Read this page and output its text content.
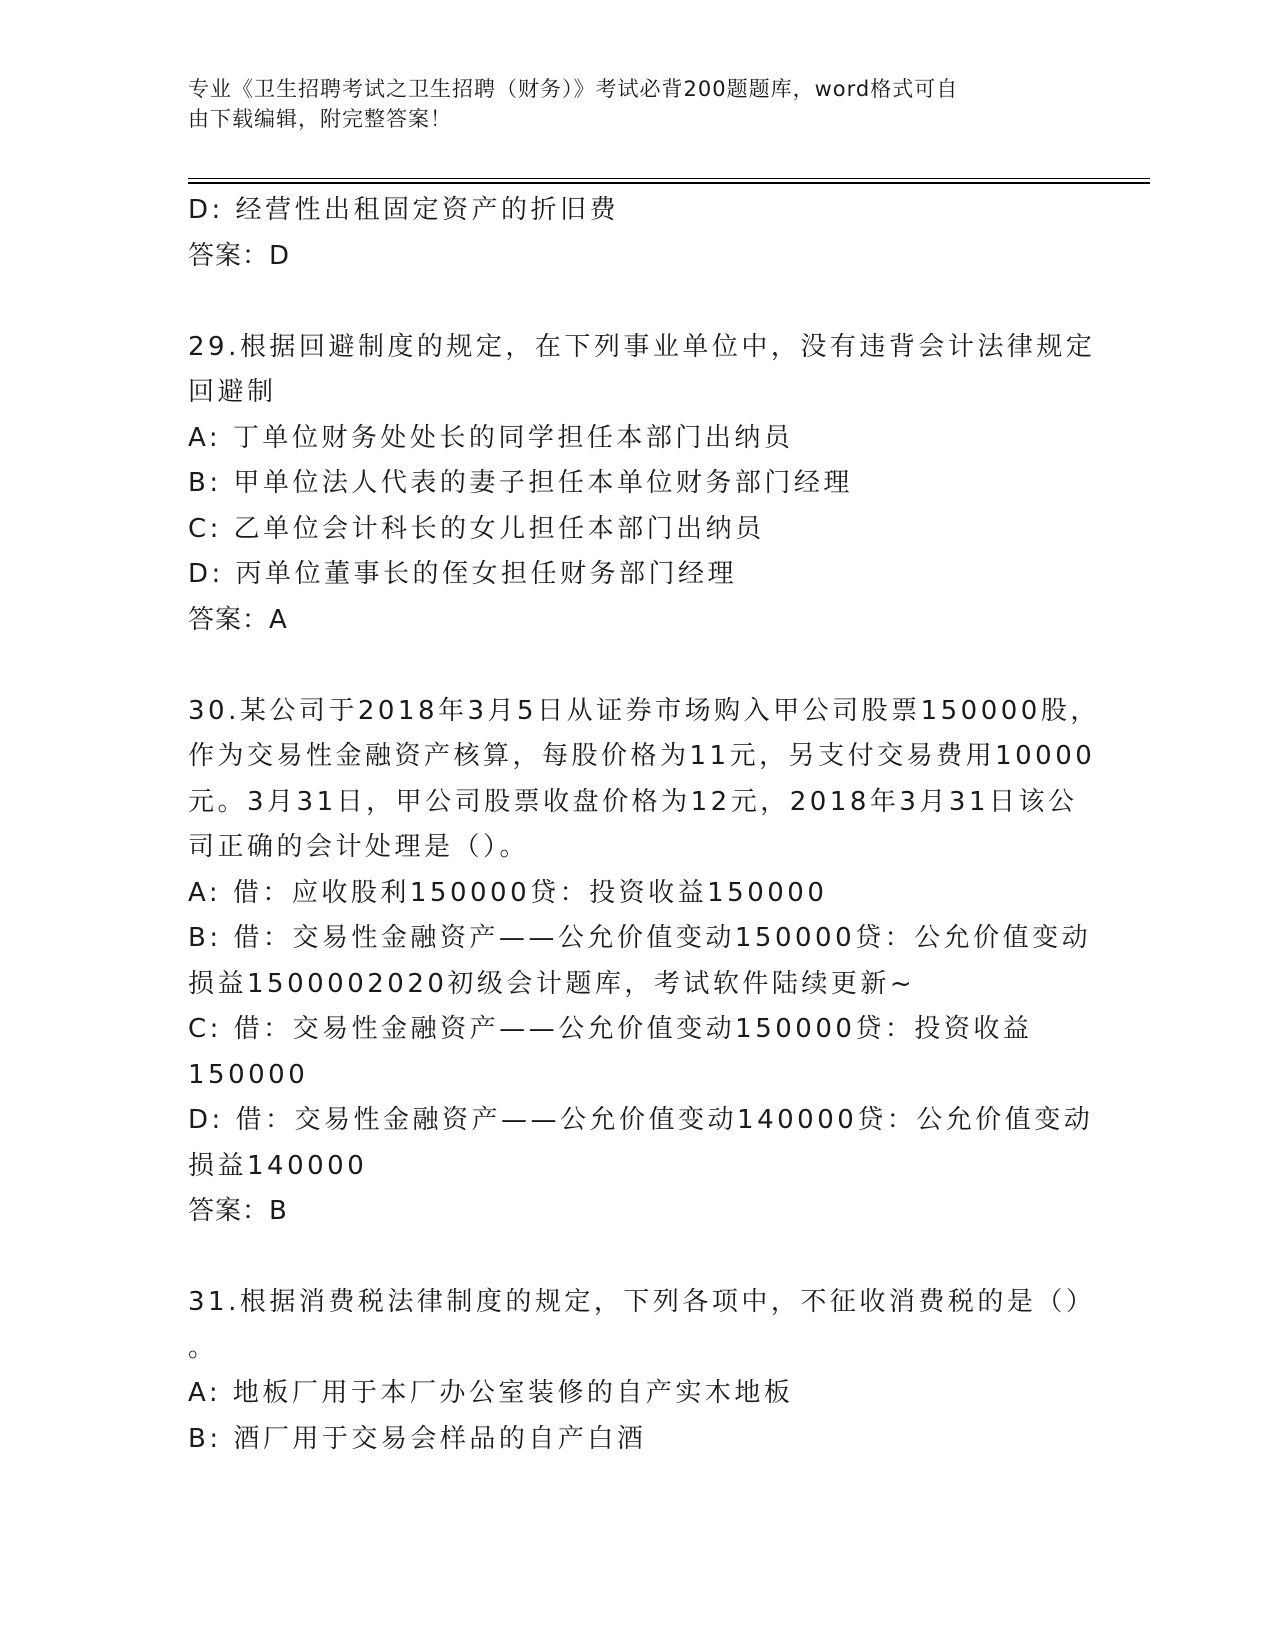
专业《卫生招聘考试之卫生招聘（财务）》考试必背200题题库，word格式可自
由下载编辑，附完整答案！
D: 经营性出租固定资产的折旧费
答案：D
29.根据回避制度的规定，在下列事业单位中，没有违背会计法律规定
回避制
A: 丁单位财务处处长的同学担任本部门出纳员
B: 甲单位法人代表的妻子担任本单位财务部门经理
C: 乙单位会计科长的女儿担任本部门出纳员
D: 丙单位董事长的侄女担任财务部门经理
答案：A
30.某公司于2018年3月5日从证券市场购入甲公司股票150000股，
作为交易性金融资产核算，每股价格为11元，另支付交易费用10000
元。3月31日，甲公司股票收盘价格为12元，2018年3月31日该公
司正确的会计处理是（）。
A: 借：应收股利150000贷：投资收益150000
B: 借：交易性金融资产——公允价值变动150000贷：公允价值变动
损益1500002020初级会计题库，考试软件陆续更新~
C: 借：交易性金融资产——公允价值变动150000贷：投资收益
150000
D: 借：交易性金融资产——公允价值变动140000贷：公允价值变动
损益140000
答案：B
31.根据消费税法律制度的规定，下列各项中，不征收消费税的是（）
。
A: 地板厂用于本厂办公室装修的自产实木地板
B: 酒厂用于交易会样品的自产白酒
